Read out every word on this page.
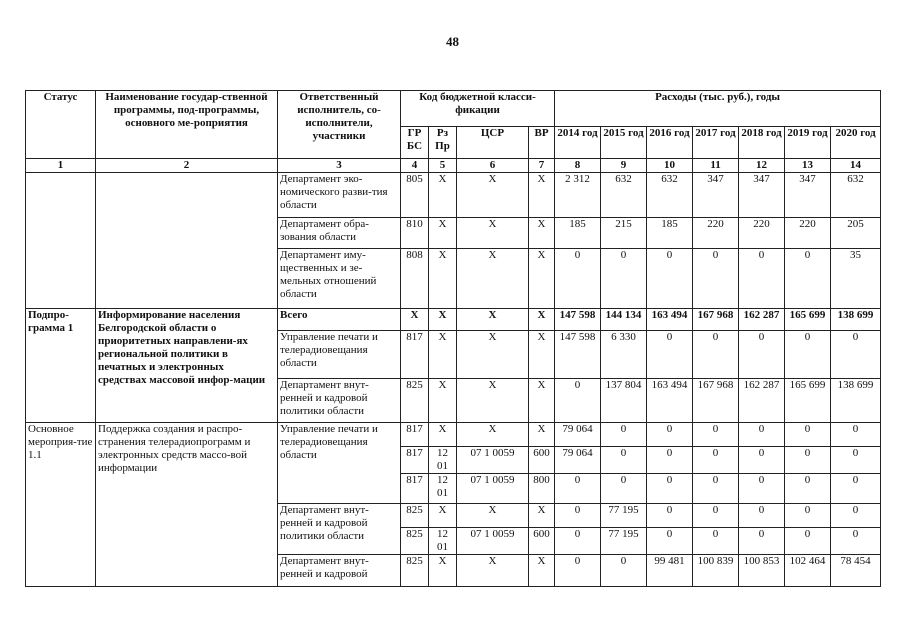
48
Статус	Наименование государ-ственной программы, под-программы, основного ме-роприятия	Ответственный исполнитель, со-исполнители, участники	Код бюджетной класси-фикации				Расходы (тыс. руб.), годы						
			ГР БС	Рз Пр	ЦСР	ВР	2014 год	2015 год	2016 год	2017 год	2018 год	2019 год	2020 год
1	2	3	4	5	6	7	8	9	10	11	12	13	14
		Департамент эко-номического разви-тия области	805	Х	Х	Х	2 312	632	632	347	347	347	632
		Департамент обра-зования области	810	Х	Х	Х	185	215	185	220	220	220	205
		Департамент иму-щественных и зе-мельных отношений области	808	Х	Х	Х	0	0	0	0	0	0	35
Подпро-грамма 1	Информирование населения Белгородской области о приоритетных направлени-ях региональной политики в печатных и электронных средствах массовой инфор-мации	Всего	Х	Х	Х	Х	147 598	144 134	163 494	167 968	162 287	165 699	138 699
		Управление печати и телерадиовещания области	817	Х	Х	Х	147 598	6 330	0	0	0	0	0
		Департамент внут-ренней и кадровой политики области	825	Х	Х	Х	0	137 804	163 494	167 968	162 287	165 699	138 699
Основное мероприя-тие 1.1	Поддержка создания и распро-странения телерадиопрограмм и электронных средств массо-вой информации	Управление печати и телерадиовещания области	817	Х	Х	Х	79 064	0	0	0	0	0	0
			817	12 01	07 1 0059	600	79 064	0	0	0	0	0	0
			817	12 01	07 1 0059	800	0	0	0	0	0	0	0
		Департамент внут-ренней и кадровой политики области	825	Х	Х	Х	0	77 195	0	0	0	0	0
			825	12 01	07 1 0059	600	0	77 195	0	0	0	0	0
		Департамент внут-ренней и кадровой	825	Х	Х	Х	0	0	99 481	100 839	100 853	102 464	78 454
